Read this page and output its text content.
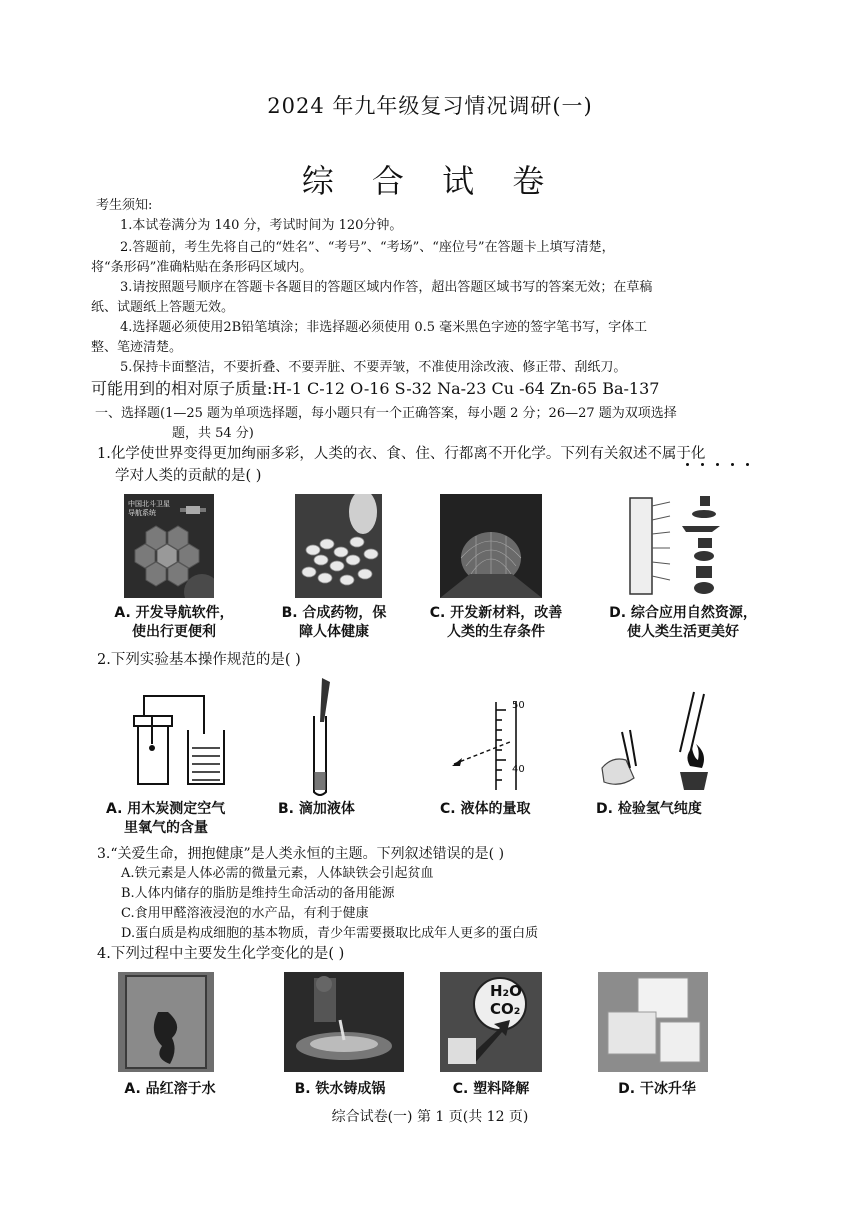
2024 年九年级复习情况调研(一)
综 合 试 卷
考生须知:
1.本试卷满分为 140 分，考试时间为 120分钟。
2.答题前，考生先将自己的“姓名”、“考号”、“考场”、“座位号”在答题卡上填写清楚，
将“条形码”准确粘贴在条形码区域内。
3.请按照题号顺序在答题卡各题目的答题区域内作答，超出答题区域书写的答案无效；在草稿
纸、试题纸上答题无效。
4.选择题必须使用2B铅笔填涂；非选择题必须使用 0.5 毫米黑色字迹的签字笔书写，字体工
整、笔迹清楚。
5.保持卡面整洁，不要折叠、不要弄脏、不要弄皱，不准使用涂改液、修正带、刮纸刀。
可能用到的相对原子质量:H-1 C-12 O-16 S-32 Na-23 Cu -64 Zn-65 Ba-137
一、选择题(1—25 题为单项选择题，每小题只有一个正确答案，每小题 2 分；26—27 题为双项选择
题，共 54 分)
1.化学使世界变得更加绚丽多彩，人类的衣、食、住、行都离不开化学。下列有关叙述不属于化
学对人类的贡献的是( )
中国北斗卫星导航系统
A. 开发导航软件，
使出行更便利
B. 合成药物，保
障人体健康
C. 开发新材料，改善
人类的生存条件
D. 综合应用自然资源，
使人类生活更美好
2.下列实验基本操作规范的是( )
50
40
A. 用木炭测定空气
里氧气的含量
B. 滴加液体	C. 液体的量取	D. 检验氢气纯度
3.“关爱生命，拥抱健康”是人类永恒的主题。下列叙述错误的是( )
A.铁元素是人体必需的微量元素，人体缺铁会引起贫血
B.人体内储存的脂肪是维持生命活动的备用能源
C.食用甲醛溶液浸泡的水产品，有利于健康
D.蛋白质是构成细胞的基本物质，青少年需要摄取比成年人更多的蛋白质
4.下列过程中主要发生化学变化的是( )
H₂O
CO₂
A. 品红溶于水	B. 铁水铸成锅	C. 塑料降解	D. 干冰升华
综合试卷(一) 第 1 页(共 12 页)
